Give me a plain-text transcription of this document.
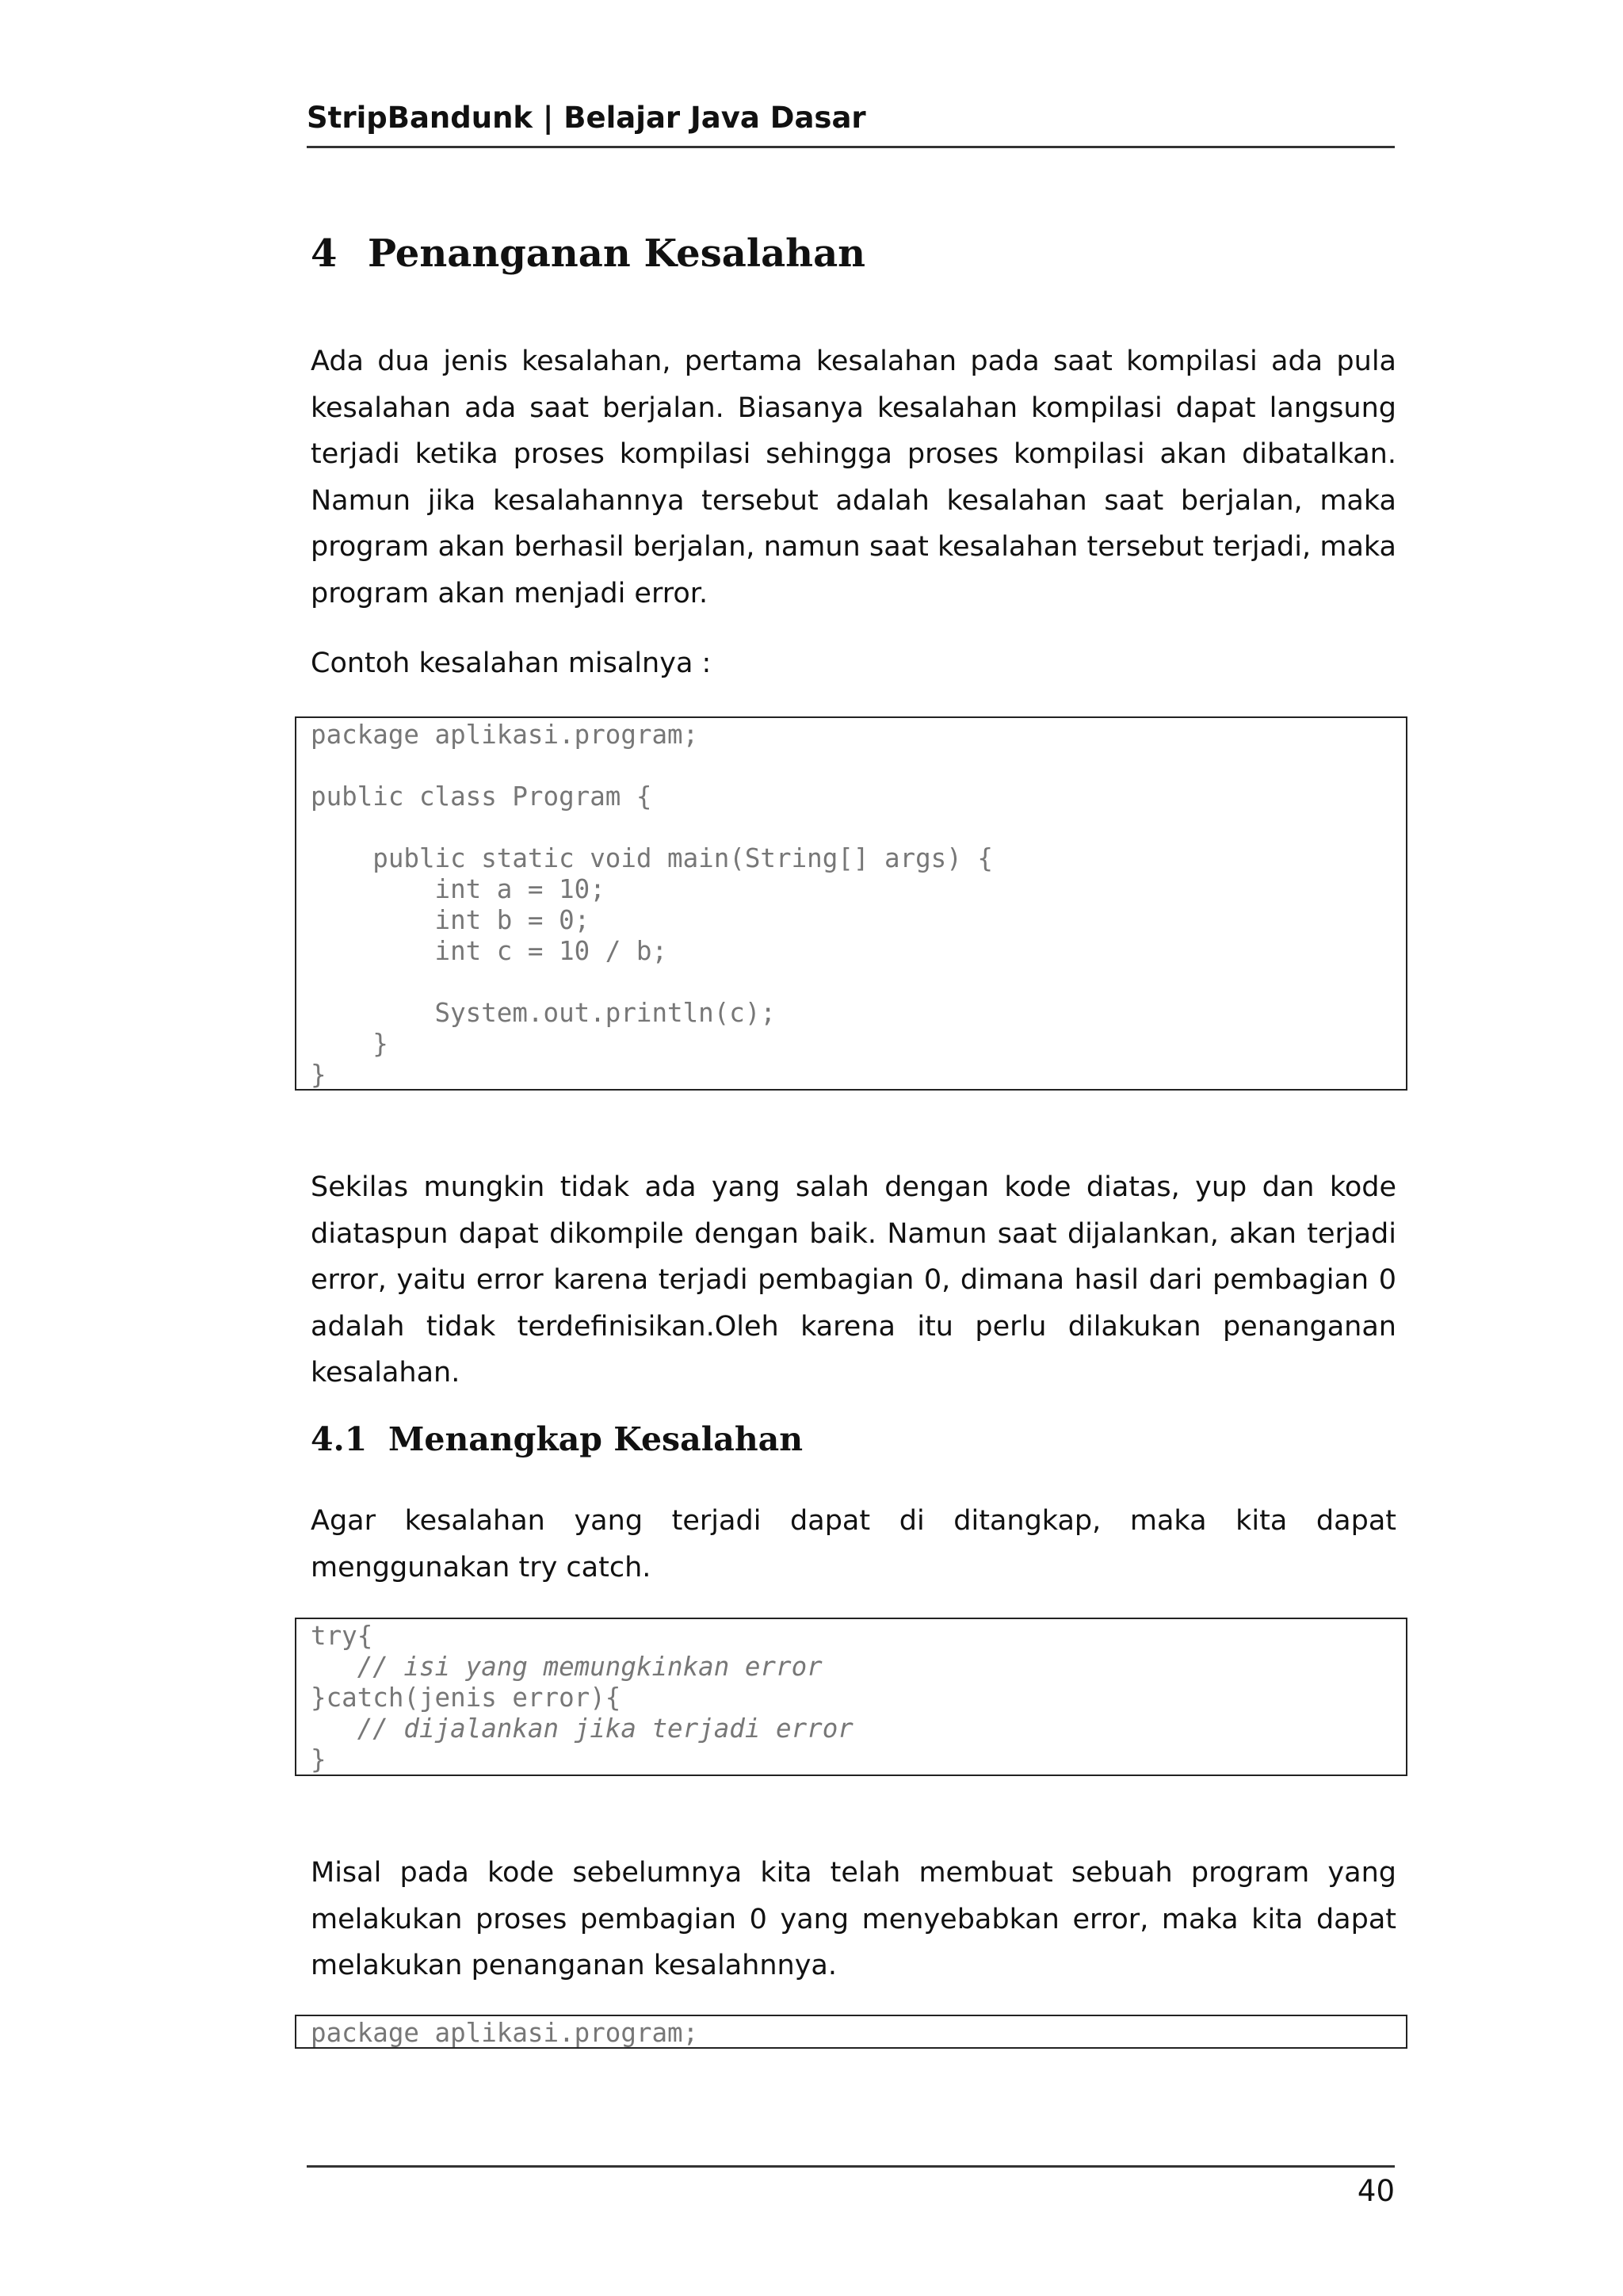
StripBandunk | Belajar Java Dasar
4 Penanganan Kesalahan

Ada dua jenis kesalahan, pertama kesalahan pada saat kompilasi ada pula kesalahan ada saat berjalan. Biasanya kesalahan kompilasi dapat langsung terjadi ketika proses kompilasi sehingga proses kompilasi akan dibatalkan. Namun jika kesalahannya tersebut adalah kesalahan saat berjalan, maka program akan berhasil berjalan, namun saat kesalahan tersebut terjadi, maka program akan menjadi error.

Contoh kesalahan misalnya :

package aplikasi.program;

public class Program {

public static void main(String[] args) {
int a = 10;
int b = 0;
int c = 10 / b;

System.out.println(c);
}
}

Sekilas mungkin tidak ada yang salah dengan kode diatas, yup dan kode diataspun dapat dikompile dengan baik. Namun saat dijalankan, akan terjadi error, yaitu error karena terjadi pembagian 0, dimana hasil dari pembagian 0 adalah tidak terdefinisikan.Oleh karena itu perlu dilakukan penanganan kesalahan.

4.1 Menangkap Kesalahan

Agar kesalahan yang terjadi dapat di ditangkap, maka kita dapat menggunakan try catch.

try{
// isi yang memungkinkan error
}catch(jenis error){
// dijalankan jika terjadi error
}

Misal pada kode sebelumnya kita telah membuat sebuah program yang melakukan proses pembagian 0 yang menyebabkan error, maka kita dapat melakukan penanganan kesalahnnya.

package aplikasi.program;
40
